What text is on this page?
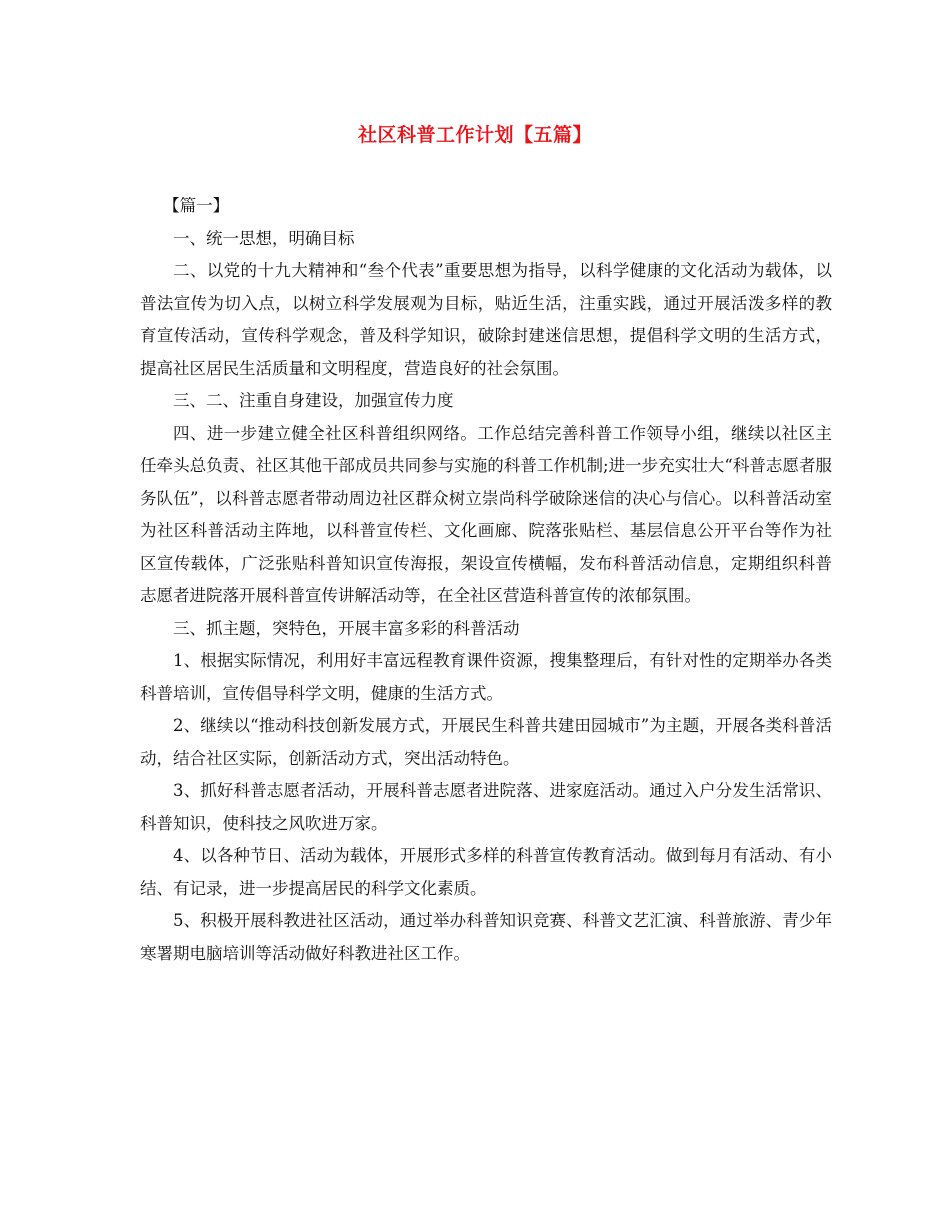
社区科普工作计划【五篇】

【篇一】

一、统一思想，明确目标

二、以党的十九大精神和“叁个代表”重要思想为指导，以科学健康的文化活动为载体，以普法宣传为切入点，以树立科学发展观为目标，贴近生活，注重实践，通过开展活泼多样的教育宣传活动，宣传科学观念，普及科学知识，破除封建迷信思想，提倡科学文明的生活方式，提高社区居民生活质量和文明程度，营造良好的社会氛围。

三、二、注重自身建设，加强宣传力度

四、进一步建立健全社区科普组织网络。工作总结完善科普工作领导小组，继续以社区主任牵头总负责、社区其他干部成员共同参与实施的科普工作机制;进一步充实壮大“科普志愿者服务队伍”，以科普志愿者带动周边社区群众树立崇尚科学破除迷信的决心与信心。以科普活动室为社区科普活动主阵地，以科普宣传栏、文化画廊、院落张贴栏、基层信息公开平台等作为社区宣传载体，广泛张贴科普知识宣传海报，架设宣传横幅，发布科普活动信息，定期组织科普志愿者进院落开展科普宣传讲解活动等，在全社区营造科普宣传的浓郁氛围。

三、抓主题，突特色，开展丰富多彩的科普活动

1、根据实际情况，利用好丰富远程教育课件资源，搜集整理后，有针对性的定期举办各类科普培训，宣传倡导科学文明，健康的生活方式。

2、继续以“推动科技创新发展方式，开展民生科普共建田园城市”为主题，开展各类科普活动，结合社区实际，创新活动方式，突出活动特色。

3、抓好科普志愿者活动，开展科普志愿者进院落、进家庭活动。通过入户分发生活常识、科普知识，使科技之风吹进万家。

4、以各种节日、活动为载体，开展形式多样的科普宣传教育活动。做到每月有活动、有小结、有记录，进一步提高居民的科学文化素质。

5、积极开展科教进社区活动，通过举办科普知识竞赛、科普文艺汇演、科普旅游、青少年寒署期电脑培训等活动做好科教进社区工作。
